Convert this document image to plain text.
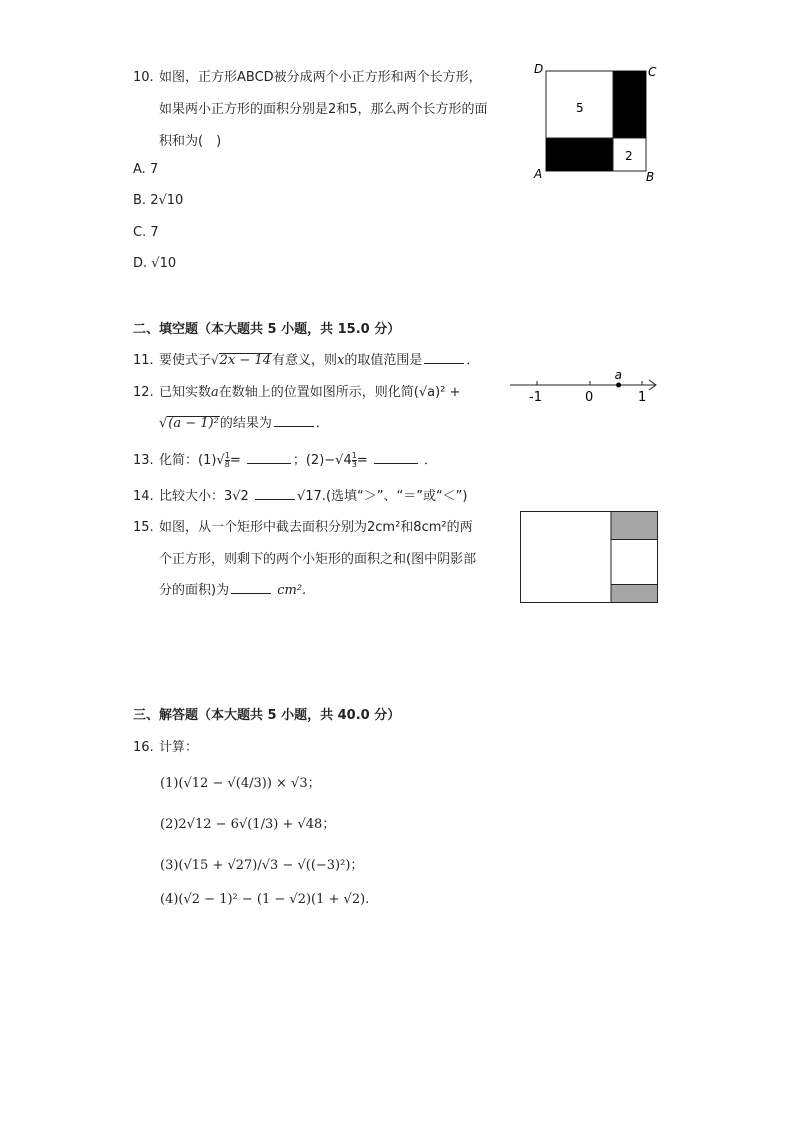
10. 如图，正方形ABCD被分成两个小正方形和两个长方形，
如果两小正方形的面积分别是2和5，那么两个长方形的面
积和为(　)
A. 7
B. 2√10
C. 7
D. √10
5
2
D	C
A	B
二、填空题（本大题共 5 小题，共 15.0 分）
11. 要使式子√2x − 14有意义，则x的取值范围是	．
12. 已知实数a在数轴上的位置如图所示，则化简(√a)² +
√(a − 1)²的结果为	．
-1	0	1
a
13. 化简：$(1)√ \frac{1}{8}$ =	；$(2)-√4 \frac{1}{3}$ =	．
14. 比较大小：3√2	√17.(选填“＞”、“＝”或“＜”)
15. 如图，从一个矩形中截去面积分别为2cm²和8cm²的两
个正方形，则剩下的两个小矩形的面积之和(图中阴影部
分的面积)为	cm².
三、解答题（本大题共 5 小题，共 40.0 分）
16. 计算：
(1)(√12 − √(4/3)) × √3；
(2)2√12 − 6√(1/3) + √48；
(3)(√15 + √27)/√3 − √((−3)²)；
(4)(√2 − 1)² − (1 − √2)(1 + √2).
